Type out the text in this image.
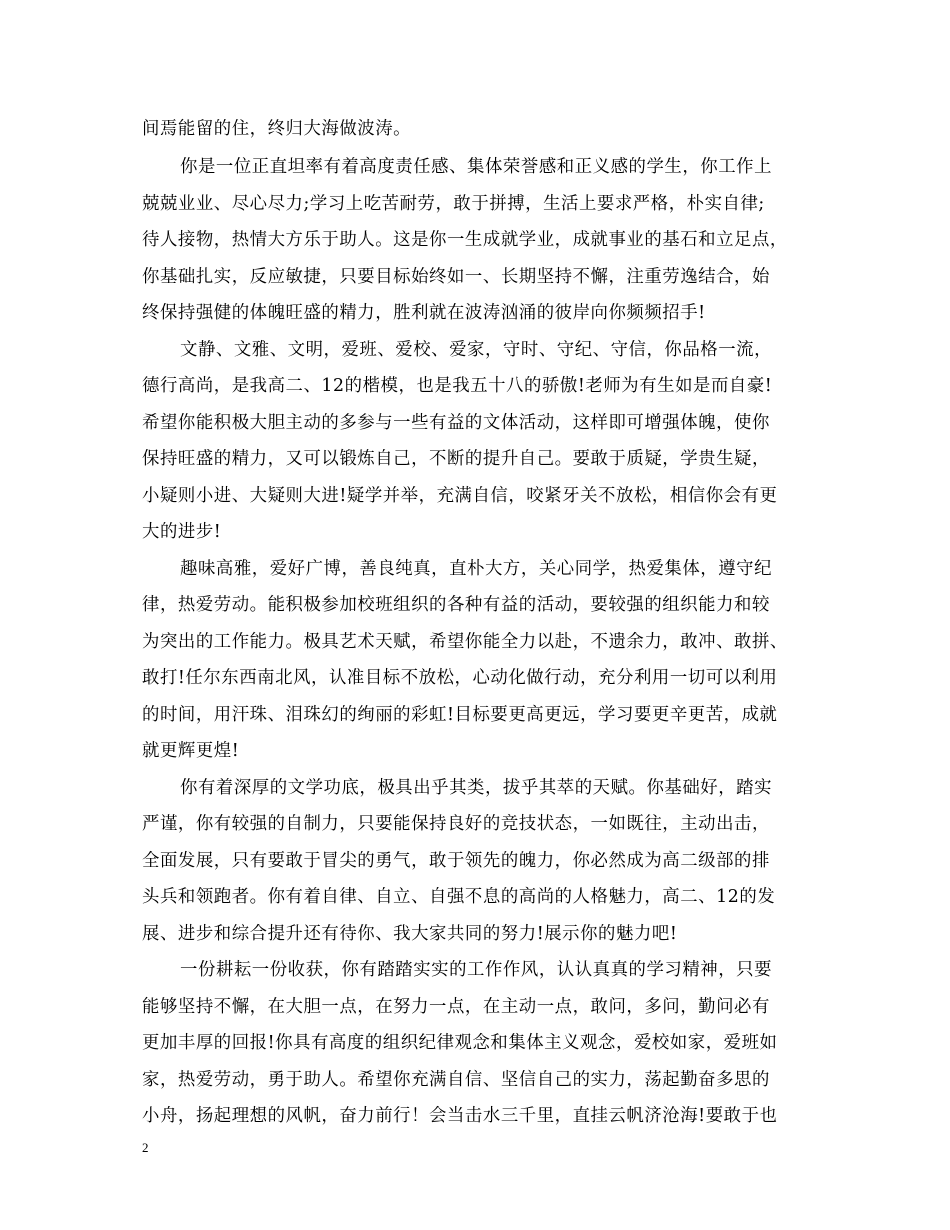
间焉能留的住，终归大海做波涛。
你是一位正直坦率有着高度责任感、集体荣誉感和正义感的学生，你工作上
兢兢业业、尽心尽力;学习上吃苦耐劳，敢于拼搏，生活上要求严格，朴实自律;
待人接物，热情大方乐于助人。这是你一生成就学业，成就事业的基石和立足点，
你基础扎实，反应敏捷，只要目标始终如一、长期坚持不懈，注重劳逸结合，始
终保持强健的体魄旺盛的精力，胜利就在波涛汹涌的彼岸向你频频招手!
文静、文雅、文明，爱班、爱校、爱家，守时、守纪、守信，你品格一流，
德行高尚，是我高二、12的楷模，也是我五十八的骄傲!老师为有生如是而自豪!
希望你能积极大胆主动的多参与一些有益的文体活动，这样即可增强体魄，使你
保持旺盛的精力，又可以锻炼自己，不断的提升自己。要敢于质疑，学贵生疑，
小疑则小进、大疑则大进!疑学并举，充满自信，咬紧牙关不放松，相信你会有更
大的进步!
趣味高雅，爱好广博，善良纯真，直朴大方，关心同学，热爱集体，遵守纪
律，热爱劳动。能积极参加校班组织的各种有益的活动，要较强的组织能力和较
为突出的工作能力。极具艺术天赋，希望你能全力以赴，不遗余力，敢冲、敢拼、
敢打!任尔东西南北风，认准目标不放松，心动化做行动，充分利用一切可以利用
的时间，用汗珠、泪珠幻的绚丽的彩虹!目标要更高更远，学习要更辛更苦，成就
就更辉更煌!
你有着深厚的文学功底，极具出乎其类，拔乎其萃的天赋。你基础好，踏实
严谨，你有较强的自制力，只要能保持良好的竞技状态，一如既往，主动出击，
全面发展，只有要敢于冒尖的勇气，敢于领先的魄力，你必然成为高二级部的排
头兵和领跑者。你有着自律、自立、自强不息的高尚的人格魅力，高二、12的发
展、进步和综合提升还有待你、我大家共同的努力!展示你的魅力吧!
一份耕耘一份收获，你有踏踏实实的工作作风，认认真真的学习精神，只要
能够坚持不懈，在大胆一点，在努力一点，在主动一点，敢问，多问，勤问必有
更加丰厚的回报!你具有高度的组织纪律观念和集体主义观念，爱校如家，爱班如
家，热爱劳动，勇于助人。希望你充满自信、坚信自己的实力，荡起勤奋多思的
小舟，扬起理想的风帆，奋力前行！会当击水三千里，直挂云帆济沧海!要敢于也
2
